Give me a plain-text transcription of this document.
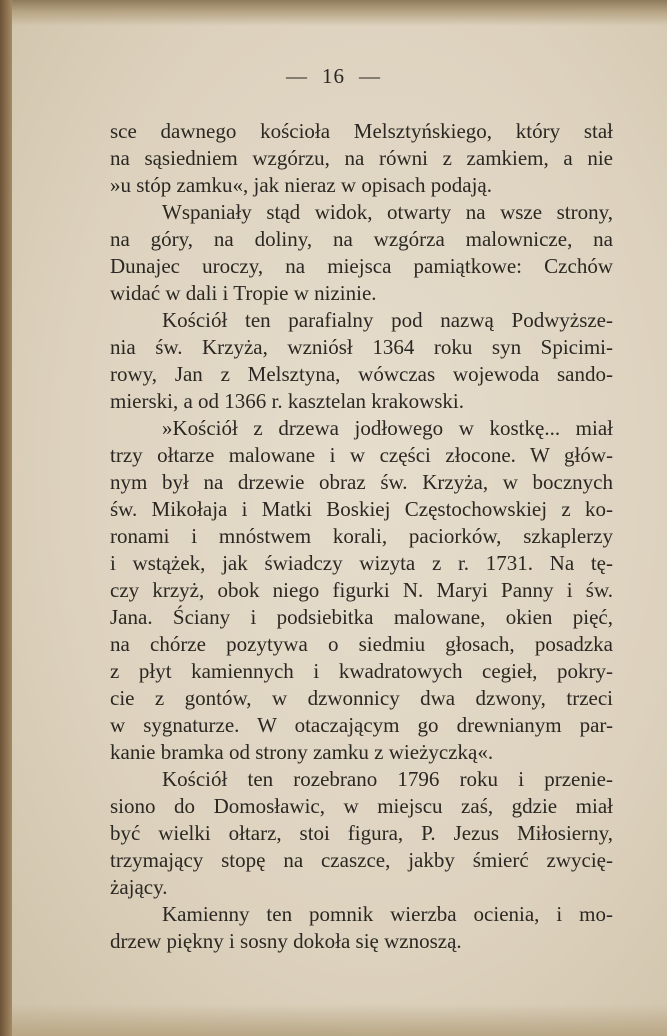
— 16 —
sce dawnego kościoła Melsztyńskiego, który stał
na sąsiedniem wzgórzu, na równi z zamkiem, a nie
»u stóp zamku«, jak nieraz w opisach podają.
Wspaniały stąd widok, otwarty na wsze strony,
na góry, na doliny, na wzgórza malownicze, na
Dunajec uroczy, na miejsca pamiątkowe: Czchów
widać w dali i Tropie w nizinie.
Kościół ten parafialny pod nazwą Podwyższe-
nia św. Krzyża, wzniósł 1364 roku syn Spicimi-
rowy, Jan z Melsztyna, wówczas wojewoda sando-
mierski, a od 1366 r. kasztelan krakowski.
»Kościół z drzewa jodłowego w kostkę... miał
trzy ołtarze malowane i w części złocone. W głów-
nym był na drzewie obraz św. Krzyża, w bocznych
św. Mikołaja i Matki Boskiej Częstochowskiej z ko-
ronami i mnóstwem korali, paciorków, szkaplerzy
i wstążek, jak świadczy wizyta z r. 1731. Na tę-
czy krzyż, obok niego figurki N. Maryi Panny i św.
Jana. Ściany i podsiebitka malowane, okien pięć,
na chórze pozytywa o siedmiu głosach, posadzka
z płyt kamiennych i kwadratowych cegieł, pokry-
cie z gontów, w dzwonnicy dwa dzwony, trzeci
w sygnaturze. W otaczającym go drewnianym par-
kanie bramka od strony zamku z wieżyczką«.
Kościół ten rozebrano 1796 roku i przenie-
siono do Domosławic, w miejscu zaś, gdzie miał
być wielki ołtarz, stoi figura, P. Jezus Miłosierny,
trzymający stopę na czaszce, jakby śmierć zwycię-
żający.
Kamienny ten pomnik wierzba ocienia, i mo-
drzew piękny i sosny dokoła się wznoszą.
